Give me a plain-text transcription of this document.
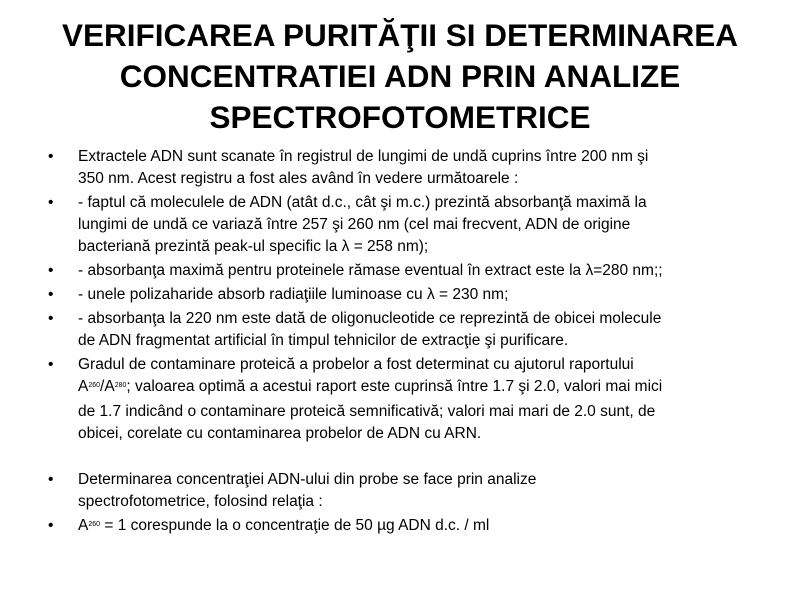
VERIFICAREA PURITĂŢII SI DETERMINAREA
CONCENTRATIEI ADN PRIN ANALIZE
SPECTROFOTOMETRICE
• Extractele ADN sunt scanate în registrul de lungimi de undă cuprins între 200 nm şi
350 nm. Acest registru a fost ales având în vedere următoarele :
• - faptul că moleculele de ADN (atât d.c., cât şi m.c.) prezintă absorbanţă maximă la
lungimi de undă ce variază între 257 şi 260 nm (cel mai frecvent, ADN de origine
bacteriană prezintă peak-ul specific la λ = 258 nm);
• - absorbanţa maximă pentru proteinele rămase eventual în extract este la λ=280 nm;;
• - unele polizaharide absorb radiaţiile luminoase cu λ = 230 nm;
• - absorbanţa la 220 nm este dată de oligonucleotide ce reprezintă de obicei molecule
de ADN fragmentat artificial în timpul tehnicilor de extracţie şi purificare.
• Gradul de contaminare proteică a probelor a fost determinat cu ajutorul raportului
$A^{260}/A^{280}$; valoarea optimă a acestui raport este cuprinsă între 1.7 şi 2.0, valori mai mici
de 1.7 indicând o contaminare proteică semnificativă; valori mai mari de 2.0 sunt, de
obicei, corelate cu contaminarea probelor de ADN cu ARN.
• Determinarea concentraţiei ADN-ului din probe se face prin analize
spectrofotometrice, folosind relaţia :
• $A^{260} = 1$ corespunde la o concentraţie de 50 µg ADN d.c. / ml
